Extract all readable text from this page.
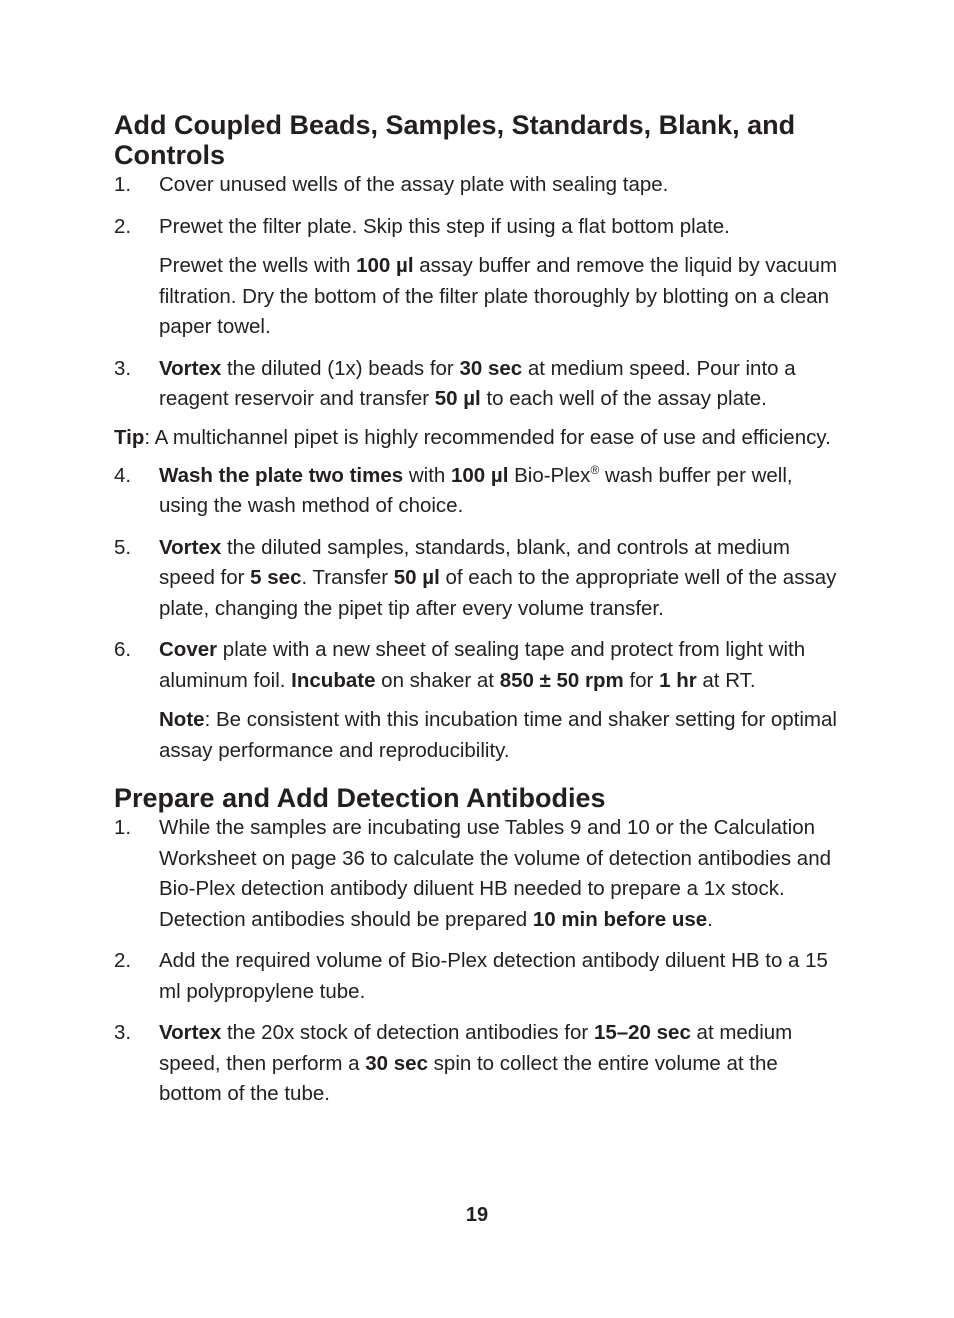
Add Coupled Beads, Samples, Standards, Blank, and Controls
1. Cover unused wells of the assay plate with sealing tape.

2. Prewet the filter plate. Skip this step if using a flat bottom plate.

Prewet the wells with 100 µl assay buffer and remove the liquid by vacuum filtration. Dry the bottom of the filter plate thoroughly by blotting on a clean paper towel.

3. Vortex the diluted (1x) beads for 30 sec at medium speed. Pour into a reagent reservoir and transfer 50 µl to each well of the assay plate.

Tip: A multichannel pipet is highly recommended for ease of use and efficiency.

4. Wash the plate two times with 100 µl Bio-Plex® wash buffer per well, using the wash method of choice.

5. Vortex the diluted samples, standards, blank, and controls at medium speed for 5 sec. Transfer 50 µl of each to the appropriate well of the assay plate, changing the pipet tip after every volume transfer.

6. Cover plate with a new sheet of sealing tape and protect from light with aluminum foil. Incubate on shaker at 850 ± 50 rpm for 1 hr at RT.

Note: Be consistent with this incubation time and shaker setting for optimal assay performance and reproducibility.

Prepare and Add Detection Antibodies
1. While the samples are incubating use Tables 9 and 10 or the Calculation Worksheet on page 36 to calculate the volume of detection antibodies and Bio-Plex detection antibody diluent HB needed to prepare a 1x stock. Detection antibodies should be prepared 10 min before use.

2. Add the required volume of Bio-Plex detection antibody diluent HB to a 15 ml polypropylene tube.

3. Vortex the 20x stock of detection antibodies for 15–20 sec at medium speed, then perform a 30 sec spin to collect the entire volume at the bottom of the tube.

19
